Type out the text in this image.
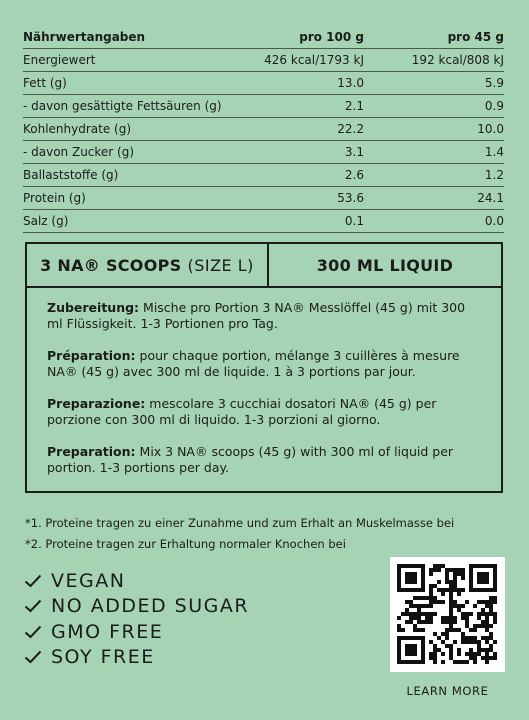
Nährwertangaben	pro 100 g	pro 45 g
Energiewert	426 kcal/1793 kJ	192 kcal/808 kJ
Fett (g)	13.0	5.9
- davon gesättigte Fettsäuren (g)	2.1	0.9
Kohlenhydrate (g)	22.2	10.0
- davon Zucker (g)	3.1	1.4
Ballaststoffe (g)	2.6	1.2
Protein (g)	53.6	24.1
Salz (g)	0.1	0.0
3 NA® SCOOPS (SIZE L)	300 ML LIQUID

Zubereitung: Mische pro Portion 3 NA® Messlöffel (45 g) mit 300 ml Flüssigkeit. 1-3 Portionen pro Tag.

Préparation: pour chaque portion, mélange 3 cuillères à mesure NA® (45 g) avec 300 ml de liquide. 1 à 3 portions par jour.

Preparazione: mescolare 3 cucchiai dosatori NA® (45 g) per porzione con 300 ml di liquido. 1-3 porzioni al giorno.

Preparation: Mix 3 NA® scoops (45 g) with 300 ml of liquid per portion. 1-3 portions per day.

*1. Proteine tragen zu einer Zunahme und zum Erhalt an Muskelmasse bei
*2. Proteine tragen zur Erhaltung normaler Knochen bei
VEGAN
NO ADDED SUGAR
GMO FREE
SOY FREE
LEARN MORE
